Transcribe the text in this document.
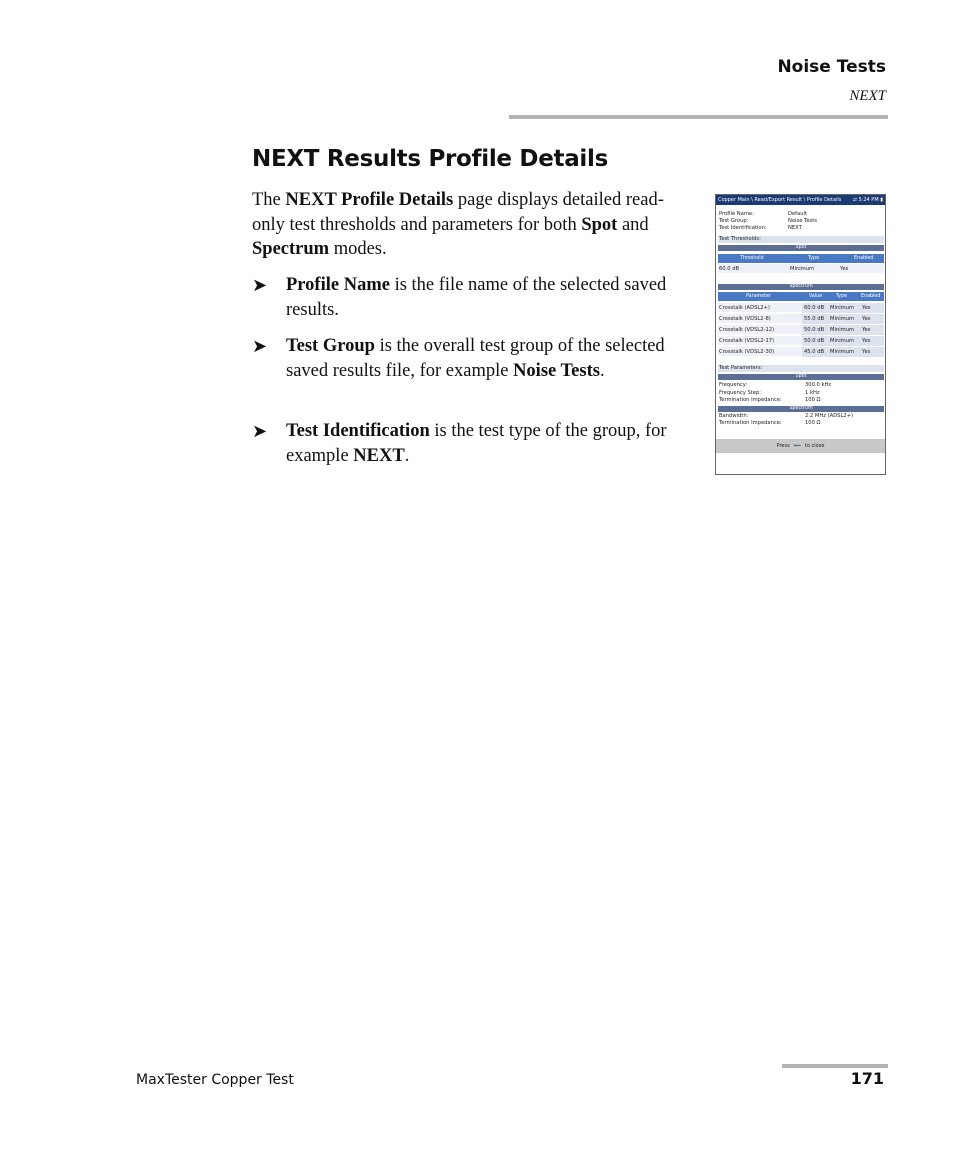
Noise Tests
NEXT
NEXT Results Profile Details
The NEXT Profile Details page displays detailed read-only test thresholds and parameters for both Spot and Spectrum modes.
➤ Profile Name is the file name of the selected saved results.
➤ Test Group is the overall test group of the selected saved results file, for example Noise Tests.
➤ Test Identification is the test type of the group, for example NEXT.
Copper Main \ Read/Export Result \ Profile Details ⇄ 5:24 PM ▮
Profile Name:	Default
Test Group:	Noise Tests
Test Identification:	NEXT
Test Thresholds:
Spot
Threshold	Type	Enabled
60.0 dB	Minimum	Yes
Spectrum
Parameter	Value	Type	Enabled
Crosstalk (ADSL2+)	60.0 dB Minimum Yes
Crosstalk (VDSL2-8)	55.0 dB Minimum Yes
Crosstalk (VDSL2-12)	50.0 dB Minimum Yes
Crosstalk (VDSL2-17)	50.0 dB Minimum Yes
Crosstalk (VDSL2-30)	45.0 dB Minimum Yes
Test Parameters:
Spot
Frequency:	300.0 kHz
Frequency Step:	1 kHz
Termination Impedance:	100 Ω
Spectrum
Bandwidth:	2.2 MHz (ADSL2+)
Termination Impedance:	100 Ω
Press ⟸ to close
MaxTester Copper Test	171
